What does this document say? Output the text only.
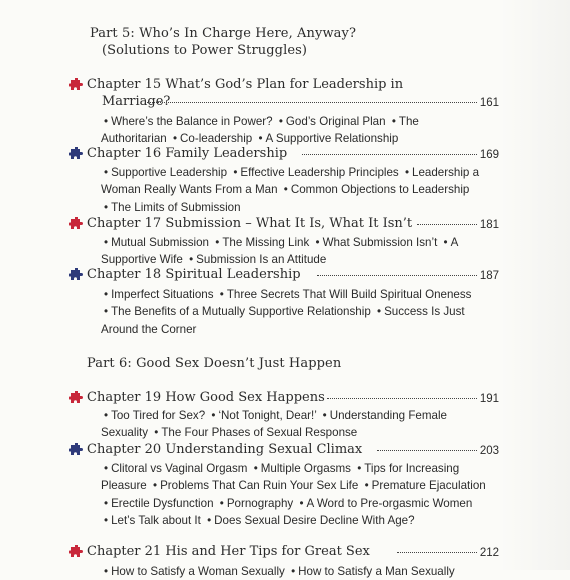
Part 5: Who’s In Charge Here, Anyway?
(Solutions to Power Struggles)
Chapter 15 What’s God’s Plan for Leadership in
Marriage?	161
Chapter 16 Family Leadership	169
Chapter 17 Submission – What It Is, What It Isn’t	181
Chapter 18 Spiritual Leadership	187
Part 6: Good Sex Doesn’t Just Happen
Chapter 19 How Good Sex Happens	191
Chapter 20 Understanding Sexual Climax	203
Chapter 21 His and Her Tips for Great Sex	212
• Where’s the Balance in Power? • God’s Original Plan • The Authoritarian • Co-leadership • A Supportive Relationship
• Supportive Leadership • Effective Leadership Principles • Leadership a Woman Really Wants From a Man • Common Objections to Leadership • The Limits of Submission
• Mutual Submission • The Missing Link • What Submission Isn’t • A Supportive Wife • Submission Is an Attitude
• Imperfect Situations • Three Secrets That Will Build Spiritual Oneness • The Benefits of a Mutually Supportive Relationship • Success Is Just Around the Corner
• Too Tired for Sex? • ‘Not Tonight, Dear!’ • Understanding Female Sexuality • The Four Phases of Sexual Response
• Clitoral vs Vaginal Orgasm • Multiple Orgasms • Tips for Increasing Pleasure • Problems That Can Ruin Your Sex Life • Premature Ejaculation • Erectile Dysfunction • Pornography • A Word to Pre-orgasmic Women • Let’s Talk about It • Does Sexual Desire Decline With Age?
• How to Satisfy a Woman Sexually • How to Satisfy a Man Sexually
